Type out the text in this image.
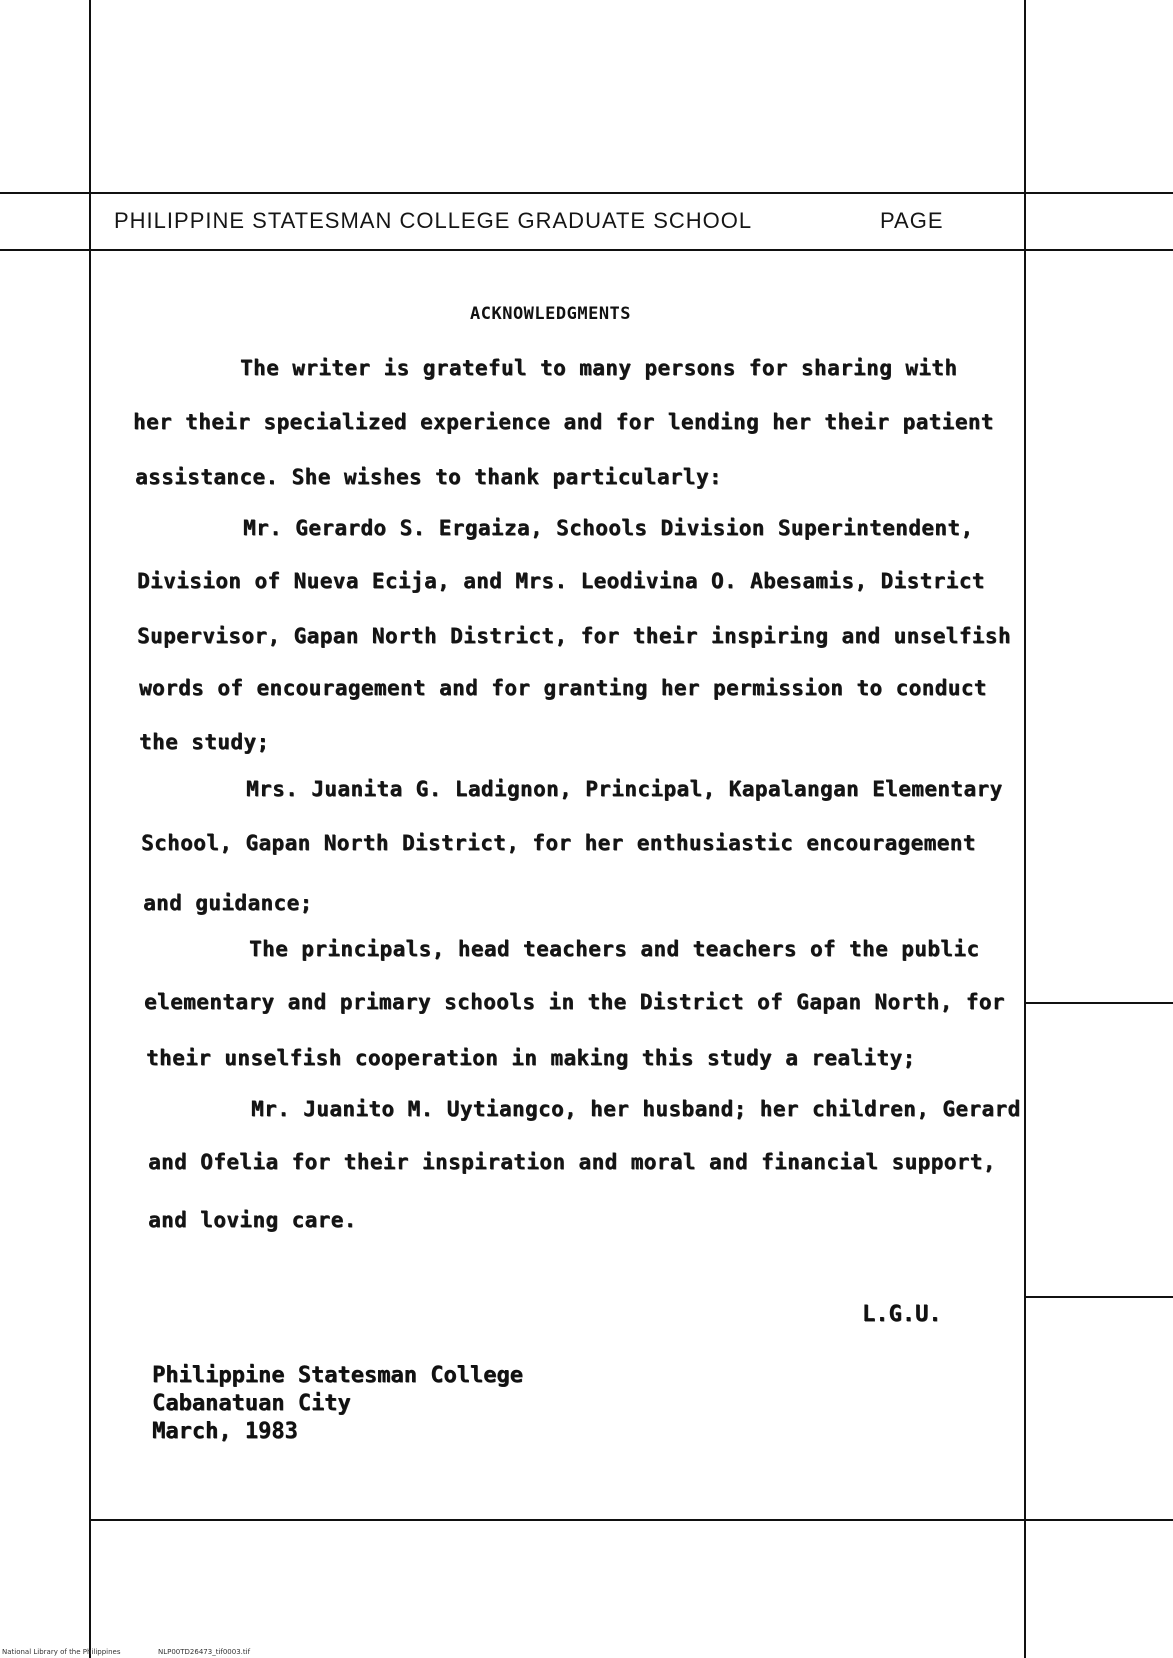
PHILIPPINE STATESMAN COLLEGE GRADUATE SCHOOL	PAGE
ACKNOWLEDGMENTS
The writer is grateful to many persons for sharing with
her their specialized experience and for lending her their patient
assistance. She wishes to thank particularly:
Mr. Gerardo S. Ergaiza, Schools Division Superintendent,
Division of Nueva Ecija, and Mrs. Leodivina O. Abesamis, District
Supervisor, Gapan North District, for their inspiring and unselfish
words of encouragement and for granting her permission to conduct
the study;
Mrs. Juanita G. Ladignon, Principal, Kapalangan Elementary
School, Gapan North District, for her enthusiastic encouragement
and guidance;
The principals, head teachers and teachers of the public
elementary and primary schools in the District of Gapan North, for
their unselfish cooperation in making this study a reality;
Mr. Juanito M. Uytiangco, her husband; her children, Gerard
and Ofelia for their inspiration and moral and financial support,
and loving care.
L.G.U.
Philippine Statesman College
Cabanatuan City
March, 1983
National Library of the Philippines	NLP00TD26473_tif0003.tif
